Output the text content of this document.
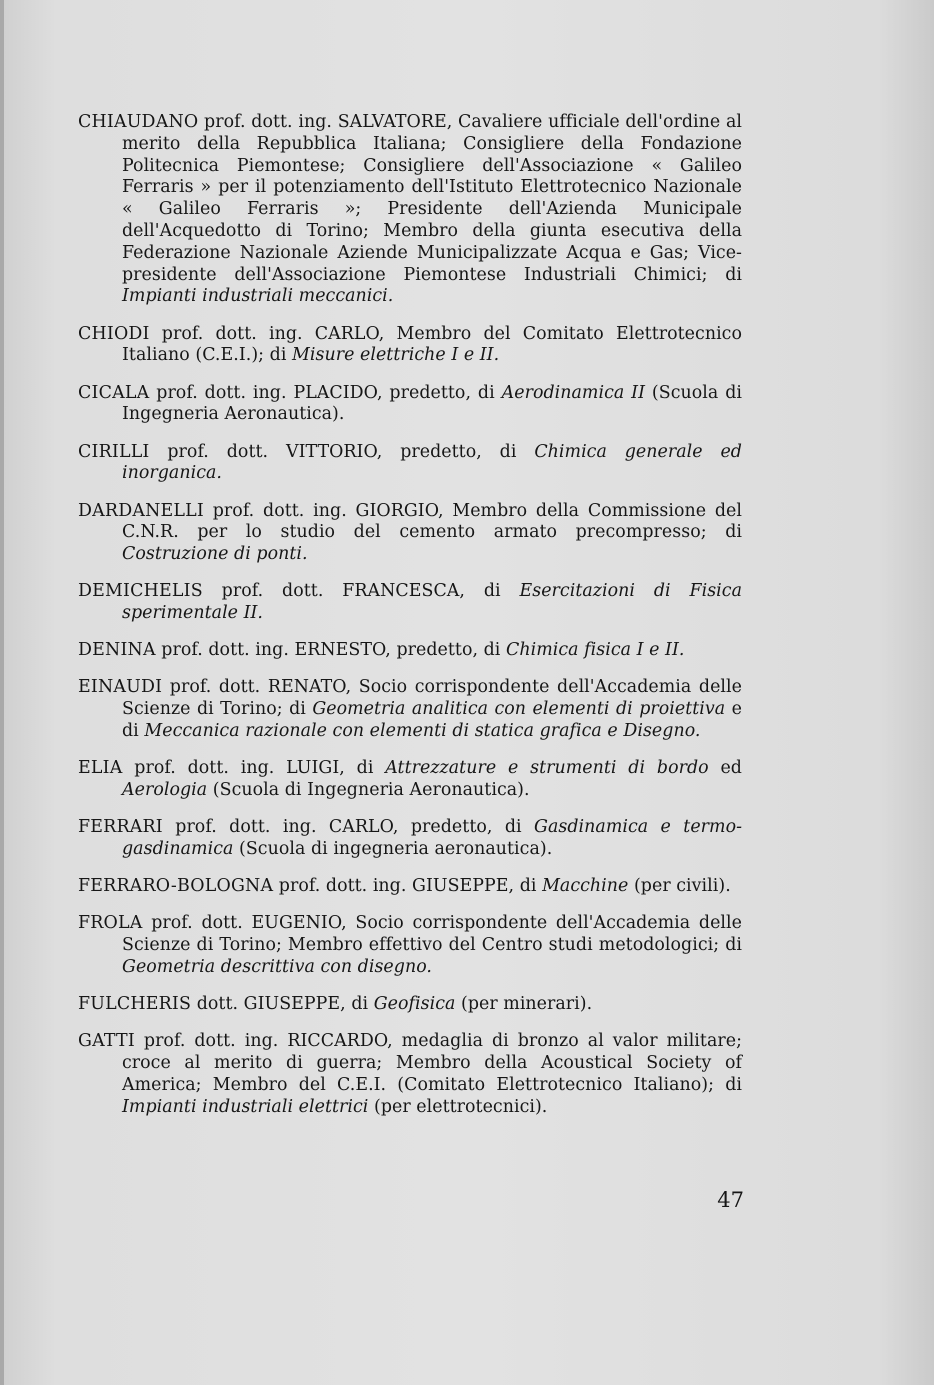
CHIAUDANO prof. dott. ing. SALVATORE, Cavaliere ufficiale dell'ordine al merito della Repubblica Italiana; Consigliere della Fondazione Politecnica Piemontese; Consigliere dell'Associazione « Galileo Ferraris » per il potenziamento dell'Istituto Elettrotecnico Nazionale « Galileo Ferraris »; Presidente dell'Azienda Municipale dell'Acquedotto di Torino; Membro della giunta esecutiva della Federazione Nazionale Aziende Municipalizzate Acqua e Gas; Vice-presidente dell'Associazione Piemontese Industriali Chimici; di Impianti industriali meccanici.

CHIODI prof. dott. ing. CARLO, Membro del Comitato Elettrotecnico Italiano (C.E.I.); di Misure elettriche I e II.

CICALA prof. dott. ing. PLACIDO, predetto, di Aerodinamica II (Scuola di Ingegneria Aeronautica).

CIRILLI prof. dott. VITTORIO, predetto, di Chimica generale ed inorganica.

DARDANELLI prof. dott. ing. GIORGIO, Membro della Commissione del C.N.R. per lo studio del cemento armato precompresso; di Costruzione di ponti.

DEMICHELIS prof. dott. FRANCESCA, di Esercitazioni di Fisica sperimentale II.

DENINA prof. dott. ing. ERNESTO, predetto, di Chimica fisica I e II.

EINAUDI prof. dott. RENATO, Socio corrispondente dell'Accademia delle Scienze di Torino; di Geometria analitica con elementi di proiettiva e di Meccanica razionale con elementi di statica grafica e Disegno.

ELIA prof. dott. ing. LUIGI, di Attrezzature e strumenti di bordo ed Aerologia (Scuola di Ingegneria Aeronautica).

FERRARI prof. dott. ing. CARLO, predetto, di Gasdinamica e termogasdinamica (Scuola di ingegneria aeronautica).

FERRARO-BOLOGNA prof. dott. ing. GIUSEPPE, di Macchine (per civili).

FROLA prof. dott. EUGENIO, Socio corrispondente dell'Accademia delle Scienze di Torino; Membro effettivo del Centro studi metodologici; di Geometria descrittiva con disegno.

FULCHERIS dott. GIUSEPPE, di Geofisica (per minerari).

GATTI prof. dott. ing. RICCARDO, medaglia di bronzo al valor militare; croce al merito di guerra; Membro della Acoustical Society of America; Membro del C.E.I. (Comitato Elettrotecnico Italiano); di Impianti industriali elettrici (per elettrotecnici).

47
